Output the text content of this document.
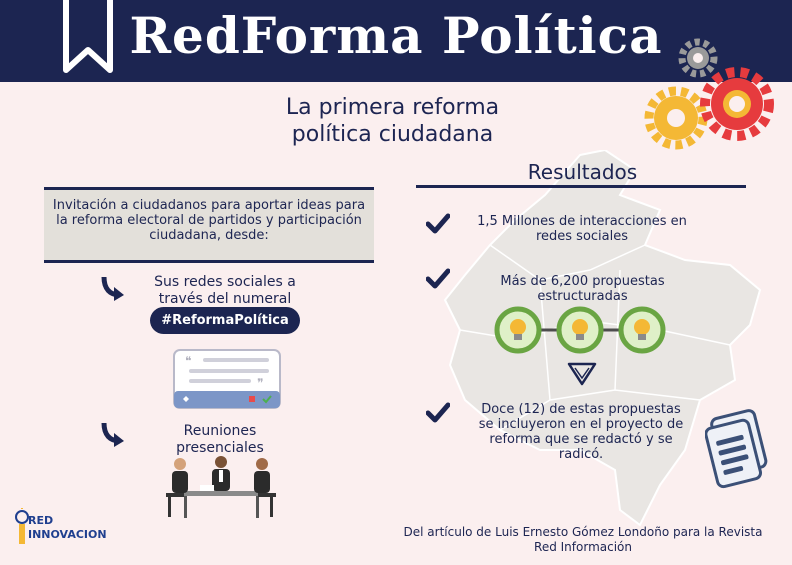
RedForma Política
La primera reforma
política ciudadana

Invitación a ciudadanos para aportar ideas para la reforma electoral de partidos y participación ciudadana, desde:

Sus redes sociales a
través del numeral
#ReformaPolítica
❝
❞
Reuniones
presenciales
RED
INNOVACION
Resultados
1,5 Millones de interacciones en
redes sociales
Más de 6,200 propuestas
estructuradas
Doce (12) de estas propuestas
se incluyeron en el proyecto de
reforma que se redactó y se
radicó.
Del artículo de Luis Ernesto Gómez Londoño para la Revista
Red Información
